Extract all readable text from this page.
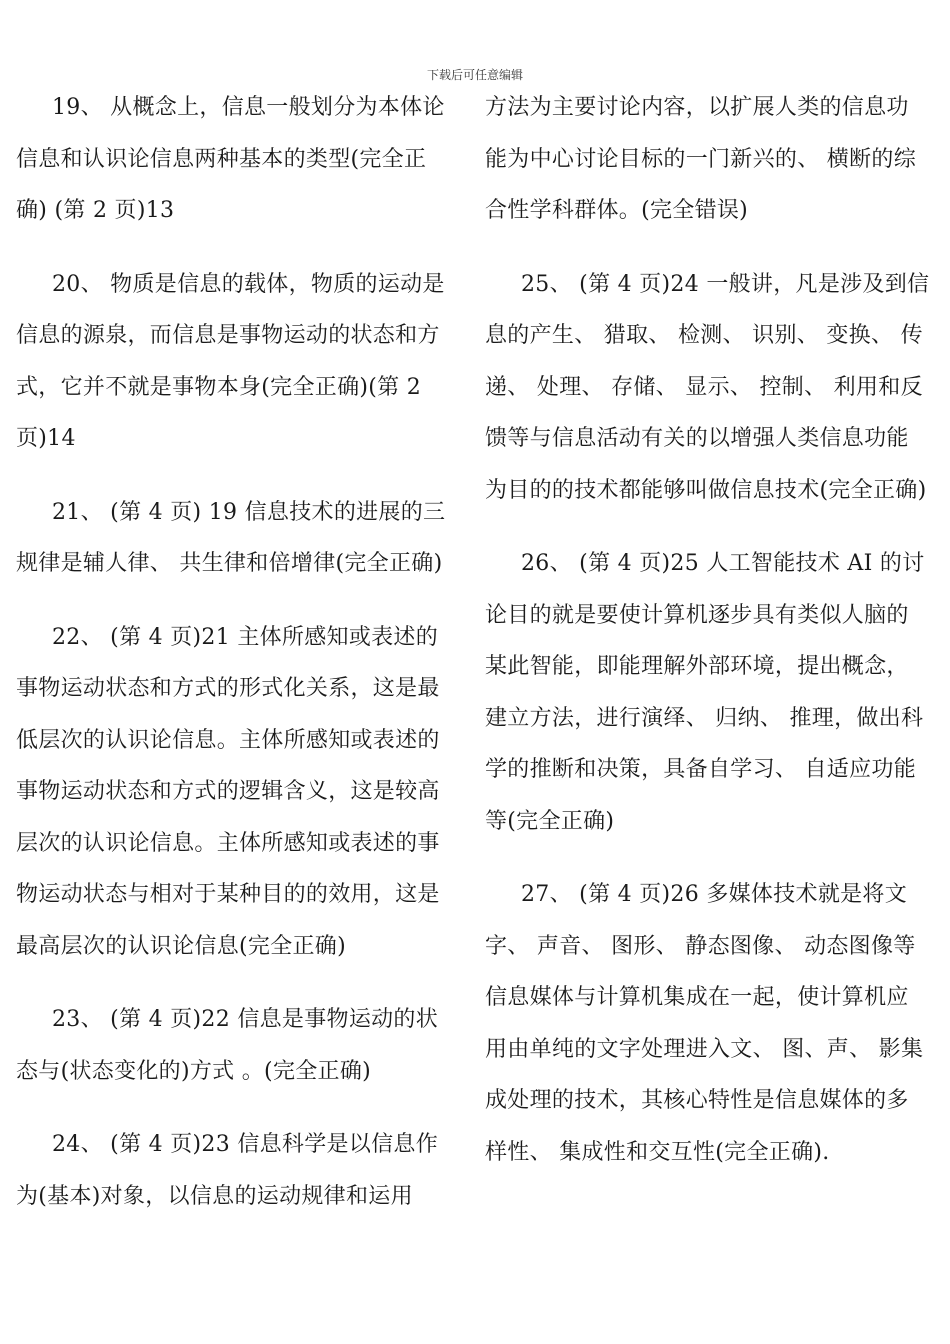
下载后可任意编辑

19、 从概念上，信息一般划分为本体论信息和认识论信息两种基本的类型(完全正确) (第 2 页)13

20、 物质是信息的载体，物质的运动是信息的源泉，而信息是事物运动的状态和方式，它并不就是事物本身(完全正确)(第 2 页)14

21、 (第 4 页) 19 信息技术的进展的三规律是辅人律、 共生律和倍增律(完全正确)

22、 (第 4 页)21 主体所感知或表述的事物运动状态和方式的形式化关系，这是最低层次的认识论信息。主体所感知或表述的事物运动状态和方式的逻辑含义，这是较高层次的认识论信息。主体所感知或表述的事物运动状态与相对于某种目的的效用，这是最高层次的认识论信息(完全正确)

23、 (第 4 页)22 信息是事物运动的状态与(状态变化的)方式 。(完全正确)

24、 (第 4 页)23 信息科学是以信息作为(基本)对象，以信息的运动规律和运用

方法为主要讨论内容，以扩展人类的信息功能为中心讨论目标的一门新兴的、 横断的综合性学科群体。(完全错误)

25、 (第 4 页)24 一般讲，凡是涉及到信息的产生、 猎取、 检测、 识别、 变换、 传递、 处理、 存储、 显示、 控制、 利用和反馈等与信息活动有关的以增强人类信息功能为目的的技术都能够叫做信息技术(完全正确)

26、 (第 4 页)25 人工智能技术 AI 的讨论目的就是要使计算机逐步具有类似人脑的某此智能，即能理解外部环境，提出概念，建立方法，进行演绎、 归纳、 推理，做出科学的推断和决策，具备自学习、 自适应功能等(完全正确)

27、 (第 4 页)26 多媒体技术就是将文字、 声音、 图形、 静态图像、 动态图像等信息媒体与计算机集成在一起，使计算机应用由单纯的文字处理进入文、 图、声、 影集成处理的技术，其核心特性是信息媒体的多样性、 集成性和交互性(完全正确).
